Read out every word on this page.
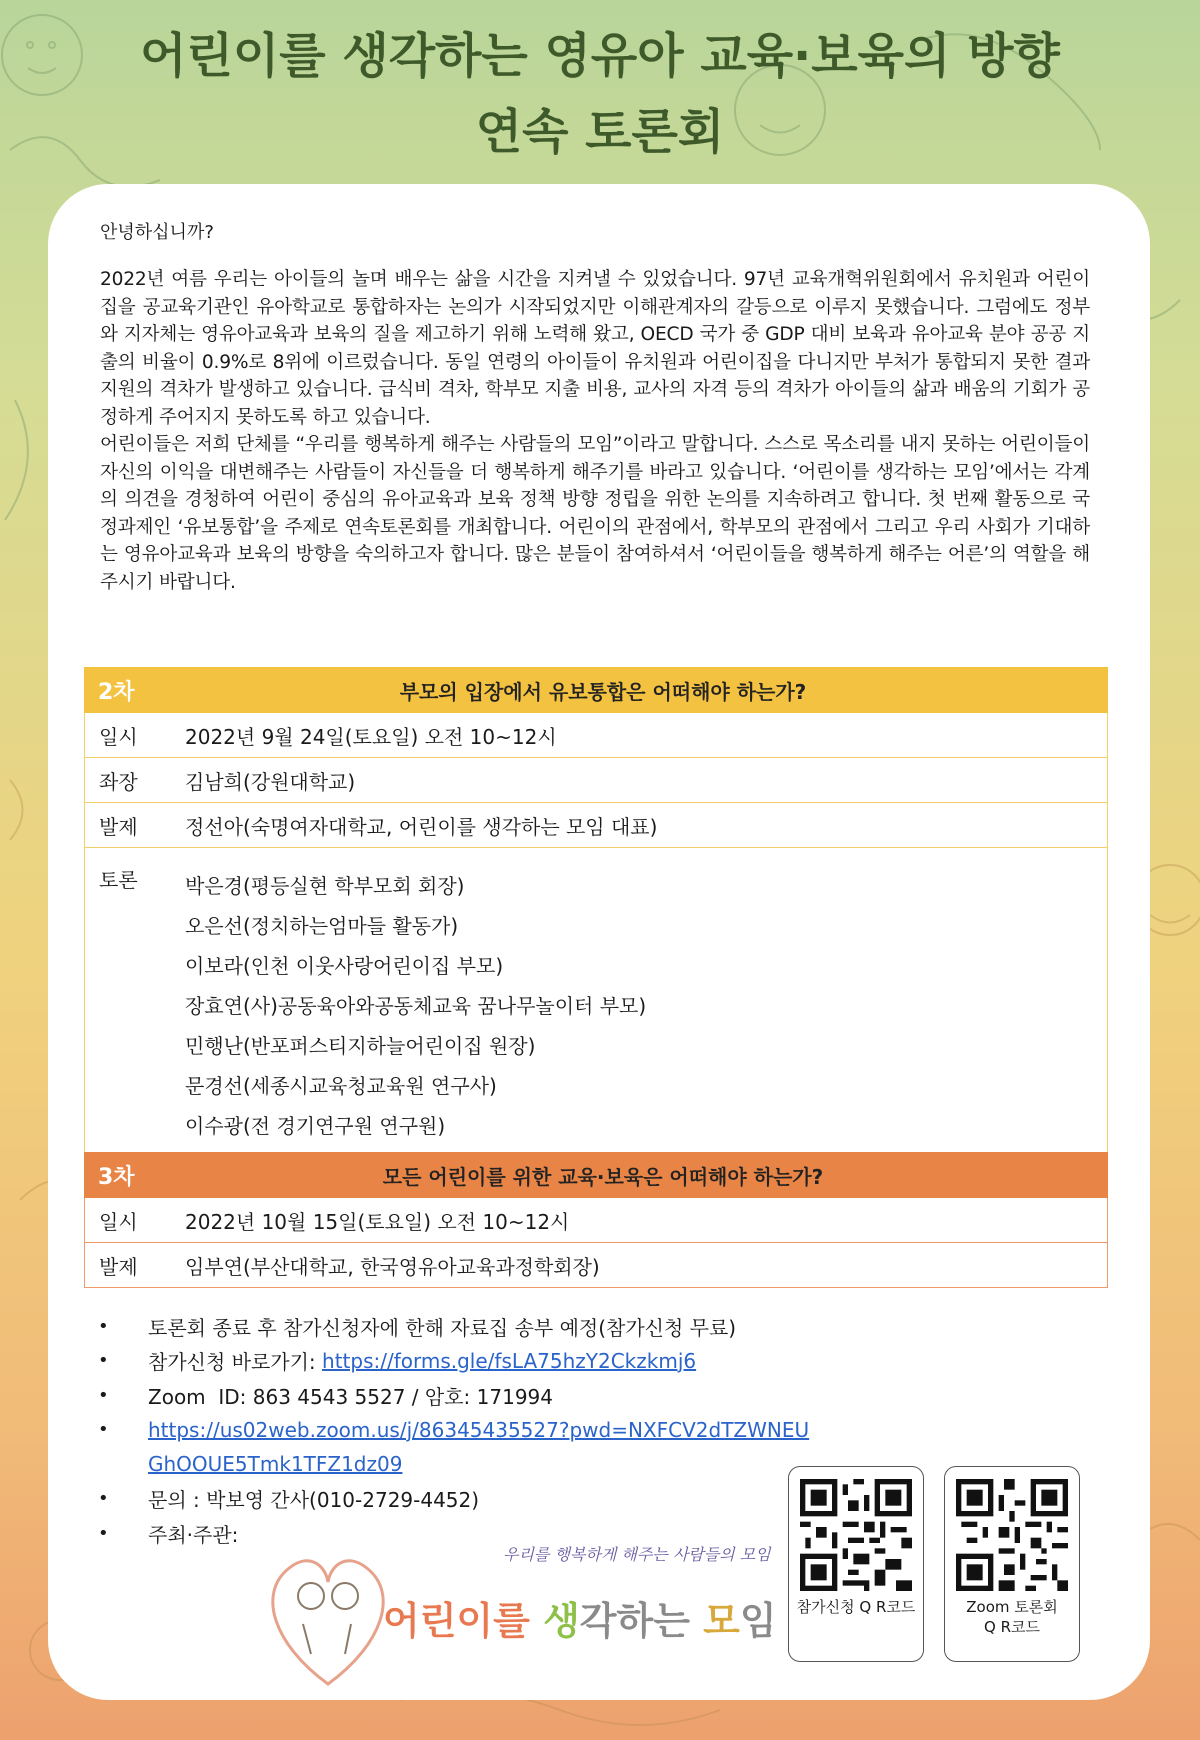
어린이를 생각하는 영유아 교육·보육의 방향
연속 토론회
안녕하십니까?

2022년 여름 우리는 아이들의 놀며 배우는 삶을 시간을 지켜낼 수 있었습니다. 97년 교육개혁위원회에서 유치원과 어린이집을 공교육기관인 유아학교로 통합하자는 논의가 시작되었지만 이해관계자의 갈등으로 이루지 못했습니다. 그럼에도 정부와 지자체는 영유아교육과 보육의 질을 제고하기 위해 노력해 왔고, OECD 국가 중 GDP 대비 보육과 유아교육 분야 공공 지출의 비율이 0.9%로 8위에 이르렀습니다. 동일 연령의 아이들이 유치원과 어린이집을 다니지만 부처가 통합되지 못한 결과 지원의 격차가 발생하고 있습니다. 급식비 격차, 학부모 지출 비용, 교사의 자격 등의 격차가 아이들의 삶과 배움의 기회가 공정하게 주어지지 못하도록 하고 있습니다.

어린이들은 저희 단체를 “우리를 행복하게 해주는 사람들의 모임”이라고 말합니다. 스스로 목소리를 내지 못하는 어린이들이 자신의 이익을 대변해주는 사람들이 자신들을 더 행복하게 해주기를 바라고 있습니다. ‘어린이를 생각하는 모임’에서는 각계의 의견을 경청하여 어린이 중심의 유아교육과 보육 정책 방향 정립을 위한 논의를 지속하려고 합니다. 첫 번째 활동으로 국정과제인 ‘유보통합’을 주제로 연속토론회를 개최합니다. 어린이의 관점에서, 학부모의 관점에서 그리고 우리 사회가 기대하는 영유아교육과 보육의 방향을 숙의하고자 합니다. 많은 분들이 참여하셔서 ‘어린이들을 행복하게 해주는 어른’의 역할을 해 주시기 바랍니다.

2차	부모의 입장에서 유보통합은 어떠해야 하는가?
일시	2022년 9월 24일(토요일) 오전 10~12시
좌장	김남희(강원대학교)
발제	정선아(숙명여자대학교, 어린이를 생각하는 모임 대표)
토론	박은경(평등실현 학부모회 회장)
오은선(정치하는엄마들 활동가)
이보라(인천 이웃사랑어린이집 부모)
장효연(사)공동육아와공동체교육 꿈나무놀이터 부모)
민행난(반포퍼스티지하늘어린이집 원장)
문경선(세종시교육청교육원 연구사)
이수광(전 경기연구원 연구원)
3차	모든 어린이를 위한 교육·보육은 어떠해야 하는가?
일시	2022년 10월 15일(토요일) 오전 10~12시
발제	임부연(부산대학교, 한국영유아교육과정학회장)
•	토론회 종료 후 참가신청자에 한해 자료집 송부 예정(참가신청 무료)
•	참가신청 바로가기: https://forms.gle/fsLA75hzY2Ckzkmj6
•	Zoom  ID: 863 4543 5527 / 암호: 171994
•	https://us02web.zoom.us/j/86345435527?pwd=NXFCV2dTZWNEU
GhOOUE5Tmk1TFZ1dz09
•	문의 : 박보영 간사(010-2729-4452)
•	주최·주관:
우리를 행복하게 해주는 사람들의 모임
어린이를 생각하는 모임	참가신청 Q R코드	Zoom 토론회
Q R코드
